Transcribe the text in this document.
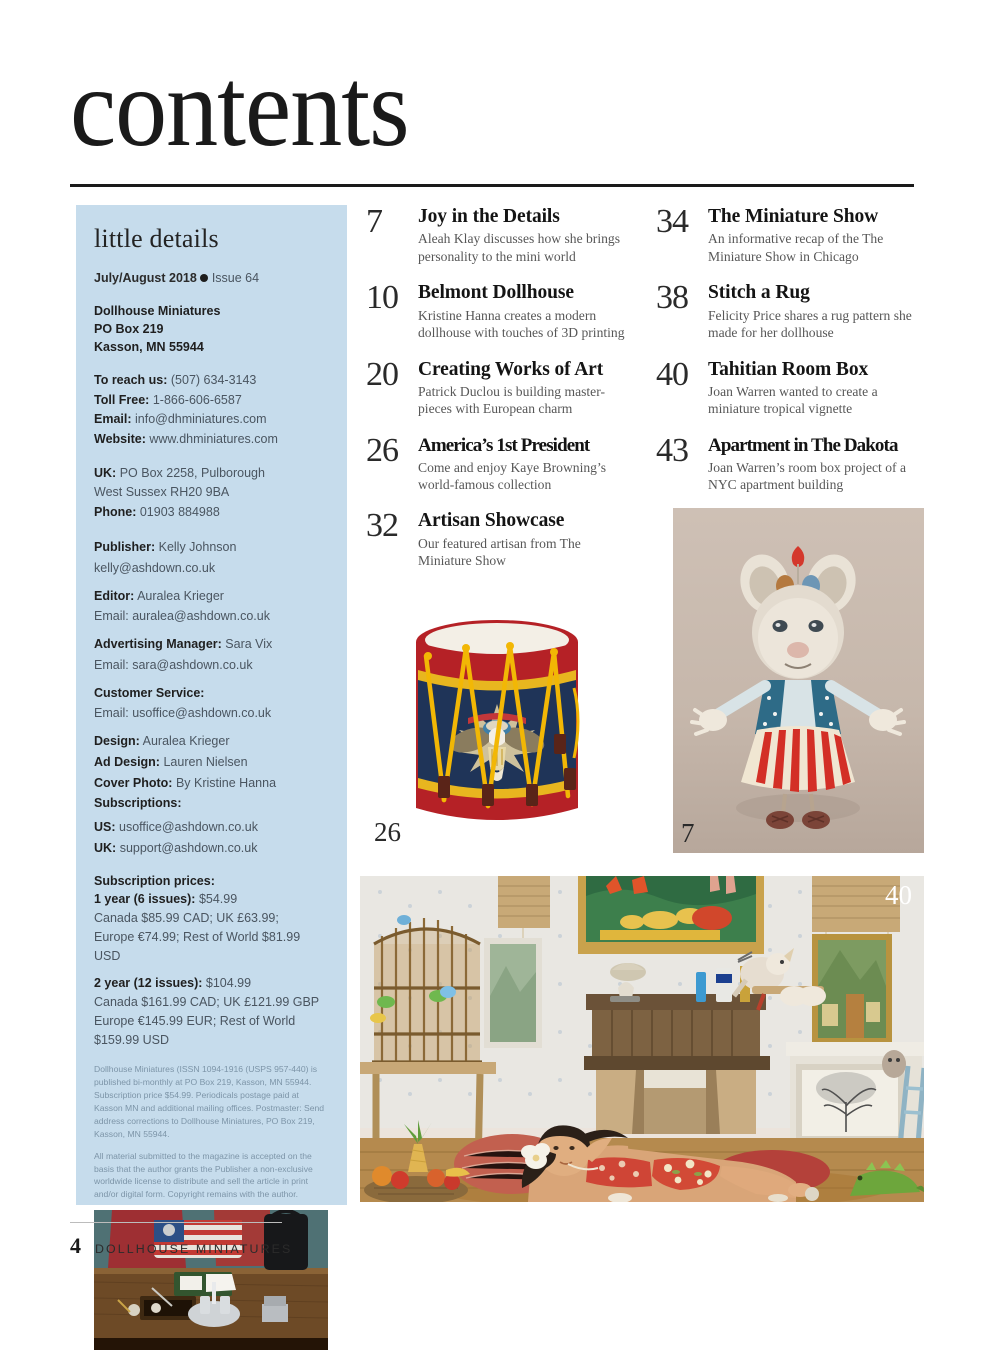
contents
little details
July/August 2018 Issue 64
Dollhouse Miniatures
PO Box 219
Kasson, MN 55944
To reach us: (507) 634-3143
Toll Free: 1-866-606-6587
Email: info@dhminiatures.com
Website: www.dhminiatures.com
UK: PO Box 2258, Pulborough
West Sussex RH20 9BA
Phone: 01903 884988
Publisher: Kelly Johnson
kelly@ashdown.co.uk
Editor: Auralea Krieger
Email: auralea@ashdown.co.uk
Advertising Manager: Sara Vix
Email: sara@ashdown.co.uk
Customer Service:
Email: usoffice@ashdown.co.uk
Design: Auralea Krieger
Ad Design: Lauren Nielsen
Cover Photo: By Kristine Hanna
Subscriptions:
US: usoffice@ashdown.co.uk
UK: support@ashdown.co.uk
Subscription prices:
1 year (6 issues): $54.99
Canada $85.99 CAD; UK £63.99;
Europe €74.99; Rest of World $81.99 USD
2 year (12 issues): $104.99
Canada $161.99 CAD; UK £121.99 GBP
Europe €145.99 EUR; Rest of World
$159.99 USD
Dollhouse Miniatures (ISSN 1094-1916 (USPS 957-440) is published bi-monthly at PO Box 219, Kasson, MN 55944. Subscription price $54.99. Periodicals postage paid at Kasson MN and additional mailing offices. Postmaster: Send address corrections to Dollhouse Miniatures, PO Box 219, Kasson, MN 55944.
All material submitted to the magazine is accepted on the basis that the author grants the Publisher a non-exclusive worldwide license to distribute and sell the article in print and/or digital form. Copyright remains with the author.
7	Joy in the Details
Aleah Klay discusses how she brings personality to the mini world
10	Belmont Dollhouse
Kristine Hanna creates a modern dollhouse with touches of 3D printing
20	Creating Works of Art
Patrick Duclou is building master-pieces with European charm
26	America’s 1st President
Come and enjoy Kaye Browning’s world-famous collection
32	Artisan Showcase
Our featured artisan from The Miniature Show
34	The Miniature Show
An informative recap of the The Miniature Show in Chicago
38	Stitch a Rug
Felicity Price shares a rug pattern she made for her dollhouse
40	Tahitian Room Box
Joan Warren wanted to create a miniature tropical vignette
43	Apartment in The Dakota
Joan Warren’s room box project of a NYC apartment building
26	7
40
4 DOLLHOUSE MINIATURES
